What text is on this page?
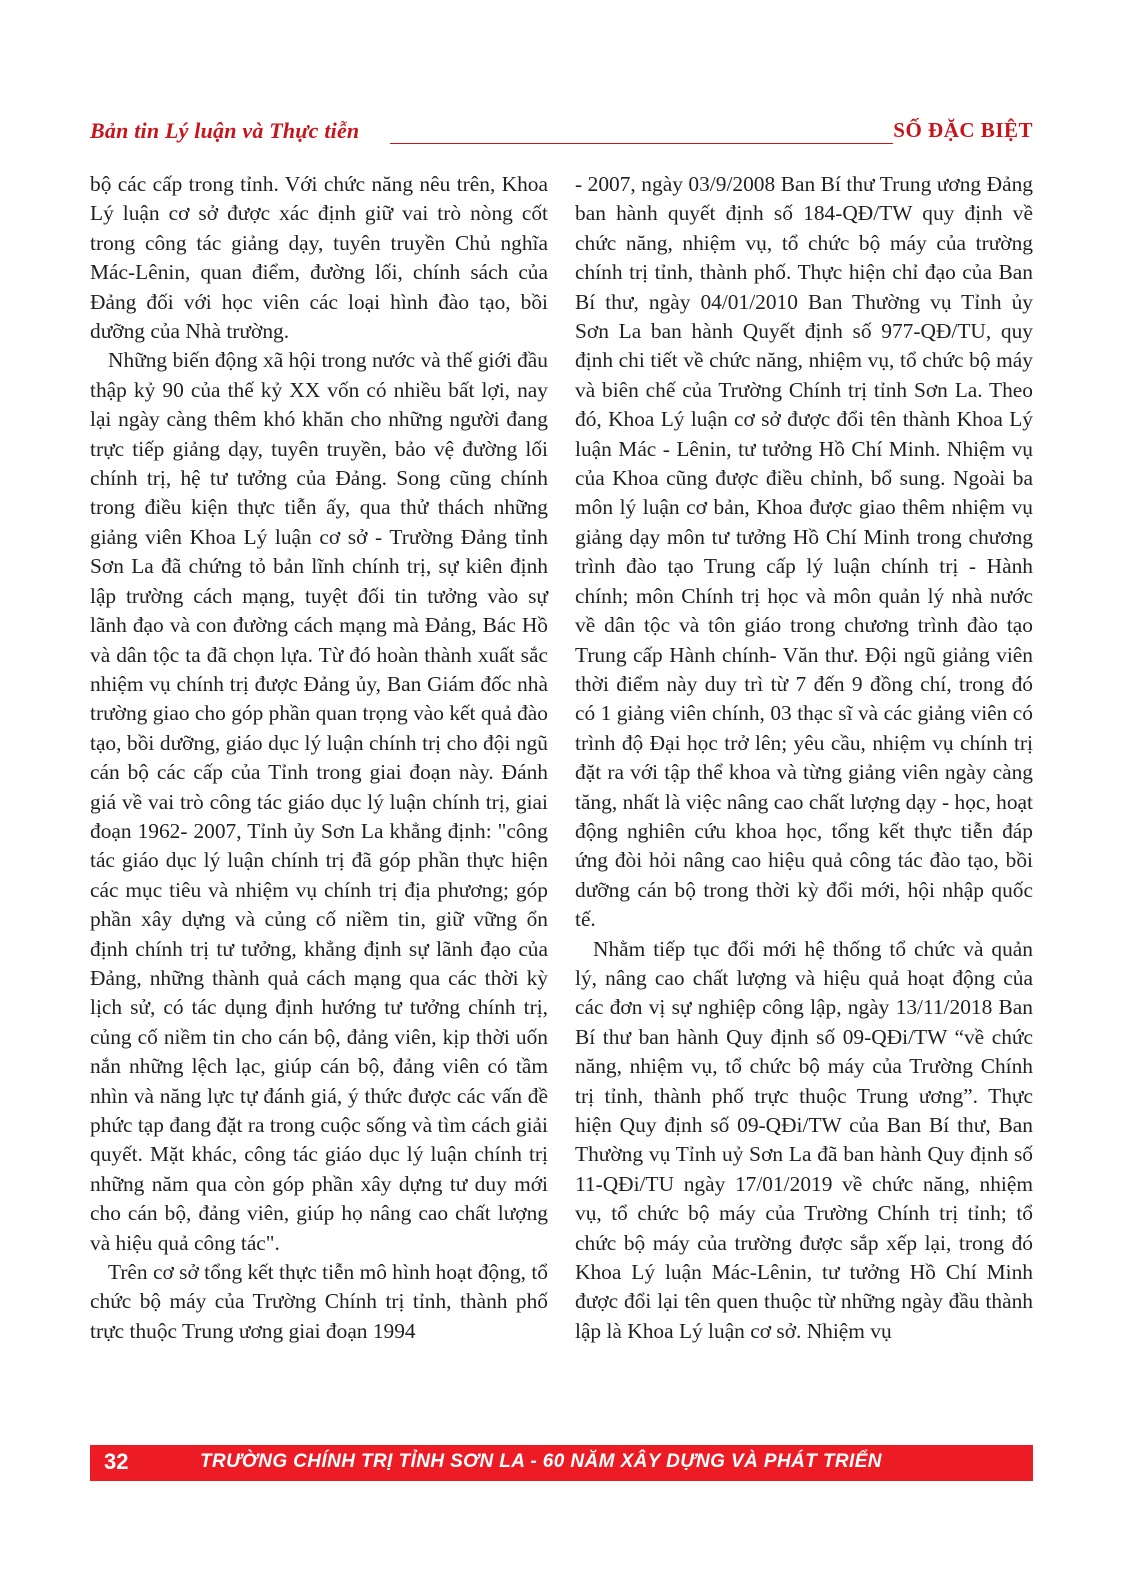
Bản tin Lý luận và Thực tiễn	SỐ ĐẶC BIỆT

bộ các cấp trong tỉnh. Với chức năng nêu trên, Khoa Lý luận cơ sở được xác định giữ vai trò nòng cốt trong công tác giảng dạy, tuyên truyền Chủ nghĩa Mác-Lênin, quan điểm, đường lối, chính sách của Đảng đối với học viên các loại hình đào tạo, bồi dưỡng của Nhà trường.

Những biến động xã hội trong nước và thế giới đầu thập kỷ 90 của thế kỷ XX vốn có nhiều bất lợi, nay lại ngày càng thêm khó khăn cho những người đang trực tiếp giảng dạy, tuyên truyền, bảo vệ đường lối chính trị, hệ tư tưởng của Đảng. Song cũng chính trong điều kiện thực tiễn ấy, qua thử thách những giảng viên Khoa Lý luận cơ sở - Trường Đảng tỉnh Sơn La đã chứng tỏ bản lĩnh chính trị, sự kiên định lập trường cách mạng, tuyệt đối tin tưởng vào sự lãnh đạo và con đường cách mạng mà Đảng, Bác Hồ và dân tộc ta đã chọn lựa. Từ đó hoàn thành xuất sắc nhiệm vụ chính trị được Đảng ủy, Ban Giám đốc nhà trường giao cho góp phần quan trọng vào kết quả đào tạo, bồi dưỡng, giáo dục lý luận chính trị cho đội ngũ cán bộ các cấp của Tỉnh trong giai đoạn này. Đánh giá về vai trò công tác giáo dục lý luận chính trị, giai đoạn 1962- 2007, Tỉnh ủy Sơn La khẳng định: "công tác giáo dục lý luận chính trị đã góp phần thực hiện các mục tiêu và nhiệm vụ chính trị địa phương; góp phần xây dựng và củng cố niềm tin, giữ vững ổn định chính trị tư tưởng, khẳng định sự lãnh đạo của Đảng, những thành quả cách mạng qua các thời kỳ lịch sử, có tác dụng định hướng tư tưởng chính trị, củng cố niềm tin cho cán bộ, đảng viên, kịp thời uốn nắn những lệch lạc, giúp cán bộ, đảng viên có tầm nhìn và năng lực tự đánh giá, ý thức được các vấn đề phức tạp đang đặt ra trong cuộc sống và tìm cách giải quyết. Mặt khác, công tác giáo dục lý luận chính trị những năm qua còn góp phần xây dựng tư duy mới cho cán bộ, đảng viên, giúp họ nâng cao chất lượng và hiệu quả công tác".

Trên cơ sở tổng kết thực tiễn mô hình hoạt động, tổ chức bộ máy của Trường Chính trị tỉnh, thành phố trực thuộc Trung ương giai đoạn 1994

- 2007, ngày 03/9/2008 Ban Bí thư Trung ương Đảng ban hành quyết định số 184-QĐ/TW quy định về chức năng, nhiệm vụ, tổ chức bộ máy của trường chính trị tỉnh, thành phố. Thực hiện chỉ đạo của Ban Bí thư, ngày 04/01/2010 Ban Thường vụ Tỉnh ủy Sơn La ban hành Quyết định số 977-QĐ/TU, quy định chi tiết về chức năng, nhiệm vụ, tổ chức bộ máy và biên chế của Trường Chính trị tỉnh Sơn La. Theo đó, Khoa Lý luận cơ sở được đổi tên thành Khoa Lý luận Mác - Lênin, tư tưởng Hồ Chí Minh. Nhiệm vụ của Khoa cũng được điều chỉnh, bổ sung. Ngoài ba môn lý luận cơ bản, Khoa được giao thêm nhiệm vụ giảng dạy môn tư tưởng Hồ Chí Minh trong chương trình đào tạo Trung cấp lý luận chính trị - Hành chính; môn Chính trị học và môn quản lý nhà nước về dân tộc và tôn giáo trong chương trình đào tạo Trung cấp Hành chính- Văn thư. Đội ngũ giảng viên thời điểm này duy trì từ 7 đến 9 đồng chí, trong đó có 1 giảng viên chính, 03 thạc sĩ và các giảng viên có trình độ Đại học trở lên; yêu cầu, nhiệm vụ chính trị đặt ra với tập thể khoa và từng giảng viên ngày càng tăng, nhất là việc nâng cao chất lượng dạy - học, hoạt động nghiên cứu khoa học, tổng kết thực tiễn đáp ứng đòi hỏi nâng cao hiệu quả công tác đào tạo, bồi dưỡng cán bộ trong thời kỳ đổi mới, hội nhập quốc tế.

Nhằm tiếp tục đổi mới hệ thống tổ chức và quản lý, nâng cao chất lượng và hiệu quả hoạt động của các đơn vị sự nghiệp công lập, ngày 13/11/2018 Ban Bí thư ban hành Quy định số 09-QĐi/TW “về chức năng, nhiệm vụ, tổ chức bộ máy của Trường Chính trị tỉnh, thành phố trực thuộc Trung ương”. Thực hiện Quy định số 09-QĐi/TW của Ban Bí thư, Ban Thường vụ Tỉnh uỷ Sơn La đã ban hành Quy định số 11-QĐi/TU ngày 17/01/2019 về chức năng, nhiệm vụ, tổ chức bộ máy của Trường Chính trị tỉnh; tổ chức bộ máy của trường được sắp xếp lại, trong đó Khoa Lý luận Mác-Lênin, tư tưởng Hồ Chí Minh được đổi lại tên quen thuộc từ những ngày đầu thành lập là Khoa Lý luận cơ sở. Nhiệm vụ

32	TRƯỜNG CHÍNH TRỊ TỈNH SƠN LA - 60 NĂM XÂY DỰNG VÀ PHÁT TRIỂN
